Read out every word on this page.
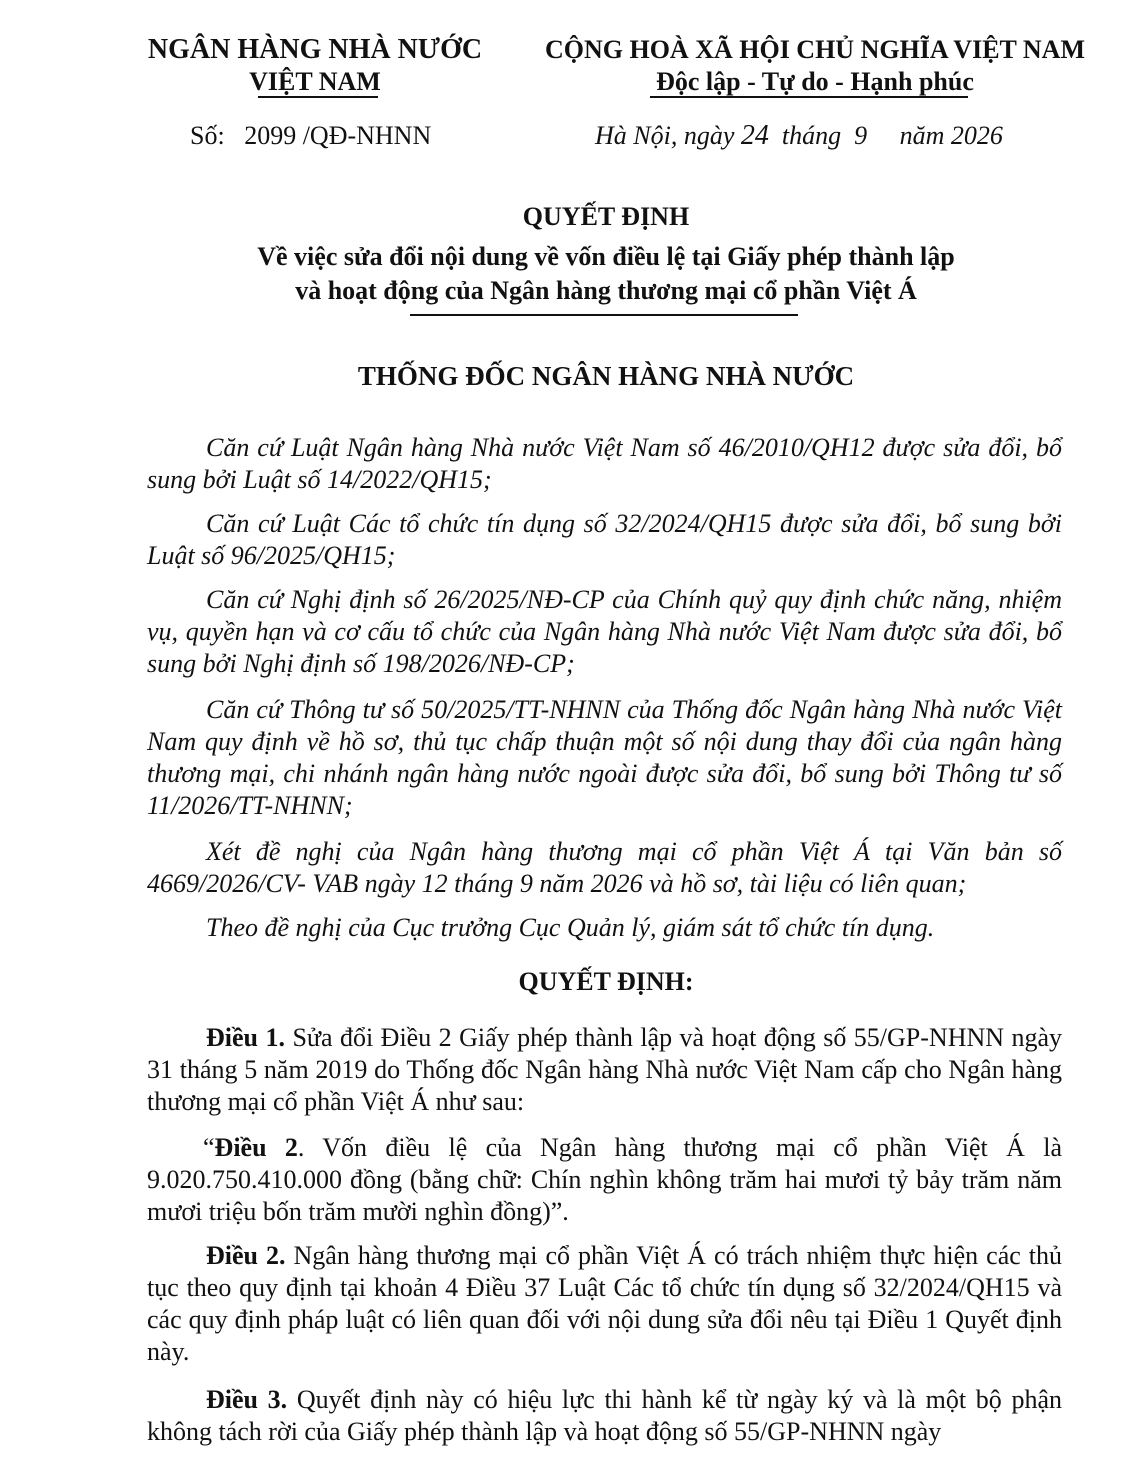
NGÂN HÀNG NHÀ NƯỚC
VIỆT NAM
CỘNG HOÀ XÃ HỘI CHỦ NGHĨA VIỆT NAM
Độc lập - Tự do - Hạnh phúc
Số: 2099 /QĐ-NHNN	Hà Nội, ngày 24 tháng 9 năm 2026
QUYẾT ĐỊNH
Về việc sửa đổi nội dung về vốn điều lệ tại Giấy phép thành lập
và hoạt động của Ngân hàng thương mại cổ phần Việt Á
THỐNG ĐỐC NGÂN HÀNG NHÀ NƯỚC
Căn cứ Luật Ngân hàng Nhà nước Việt Nam số 46/2010/QH12 được sửa đổi, bổ sung bởi Luật số 14/2022/QH15;
Căn cứ Luật Các tổ chức tín dụng số 32/2024/QH15 được sửa đổi, bổ sung bởi Luật số 96/2025/QH15;
Căn cứ Nghị định số 26/2025/NĐ-CP của Chính quỷ quy định chức năng, nhiệm vụ, quyền hạn và cơ cấu tổ chức của Ngân hàng Nhà nước Việt Nam được sửa đổi, bổ sung bởi Nghị định số 198/2026/NĐ-CP;
Căn cứ Thông tư số 50/2025/TT-NHNN của Thống đốc Ngân hàng Nhà nước Việt Nam quy định về hồ sơ, thủ tục chấp thuận một số nội dung thay đổi của ngân hàng thương mại, chi nhánh ngân hàng nước ngoài được sửa đổi, bổ sung bởi Thông tư số 11/2026/TT-NHNN;
Xét đề nghị của Ngân hàng thương mại cổ phần Việt Á tại Văn bản số 4669/2026/CV- VAB ngày 12 tháng 9 năm 2026 và hồ sơ, tài liệu có liên quan;
Theo đề nghị của Cục trưởng Cục Quản lý, giám sát tổ chức tín dụng.
QUYẾT ĐỊNH:
Điều 1. Sửa đổi Điều 2 Giấy phép thành lập và hoạt động số 55/GP-NHNN ngày 31 tháng 5 năm 2019 do Thống đốc Ngân hàng Nhà nước Việt Nam cấp cho Ngân hàng thương mại cổ phần Việt Á như sau:
“Điều 2. Vốn điều lệ của Ngân hàng thương mại cổ phần Việt Á là 9.020.750.410.000 đồng (bằng chữ: Chín nghìn không trăm hai mươi tỷ bảy trăm năm mươi triệu bốn trăm mười nghìn đồng)”.
Điều 2. Ngân hàng thương mại cổ phần Việt Á có trách nhiệm thực hiện các thủ tục theo quy định tại khoản 4 Điều 37 Luật Các tổ chức tín dụng số 32/2024/QH15 và các quy định pháp luật có liên quan đối với nội dung sửa đổi nêu tại Điều 1 Quyết định này.
Điều 3. Quyết định này có hiệu lực thi hành kể từ ngày ký và là một bộ phận không tách rời của Giấy phép thành lập và hoạt động số 55/GP-NHNN ngày
